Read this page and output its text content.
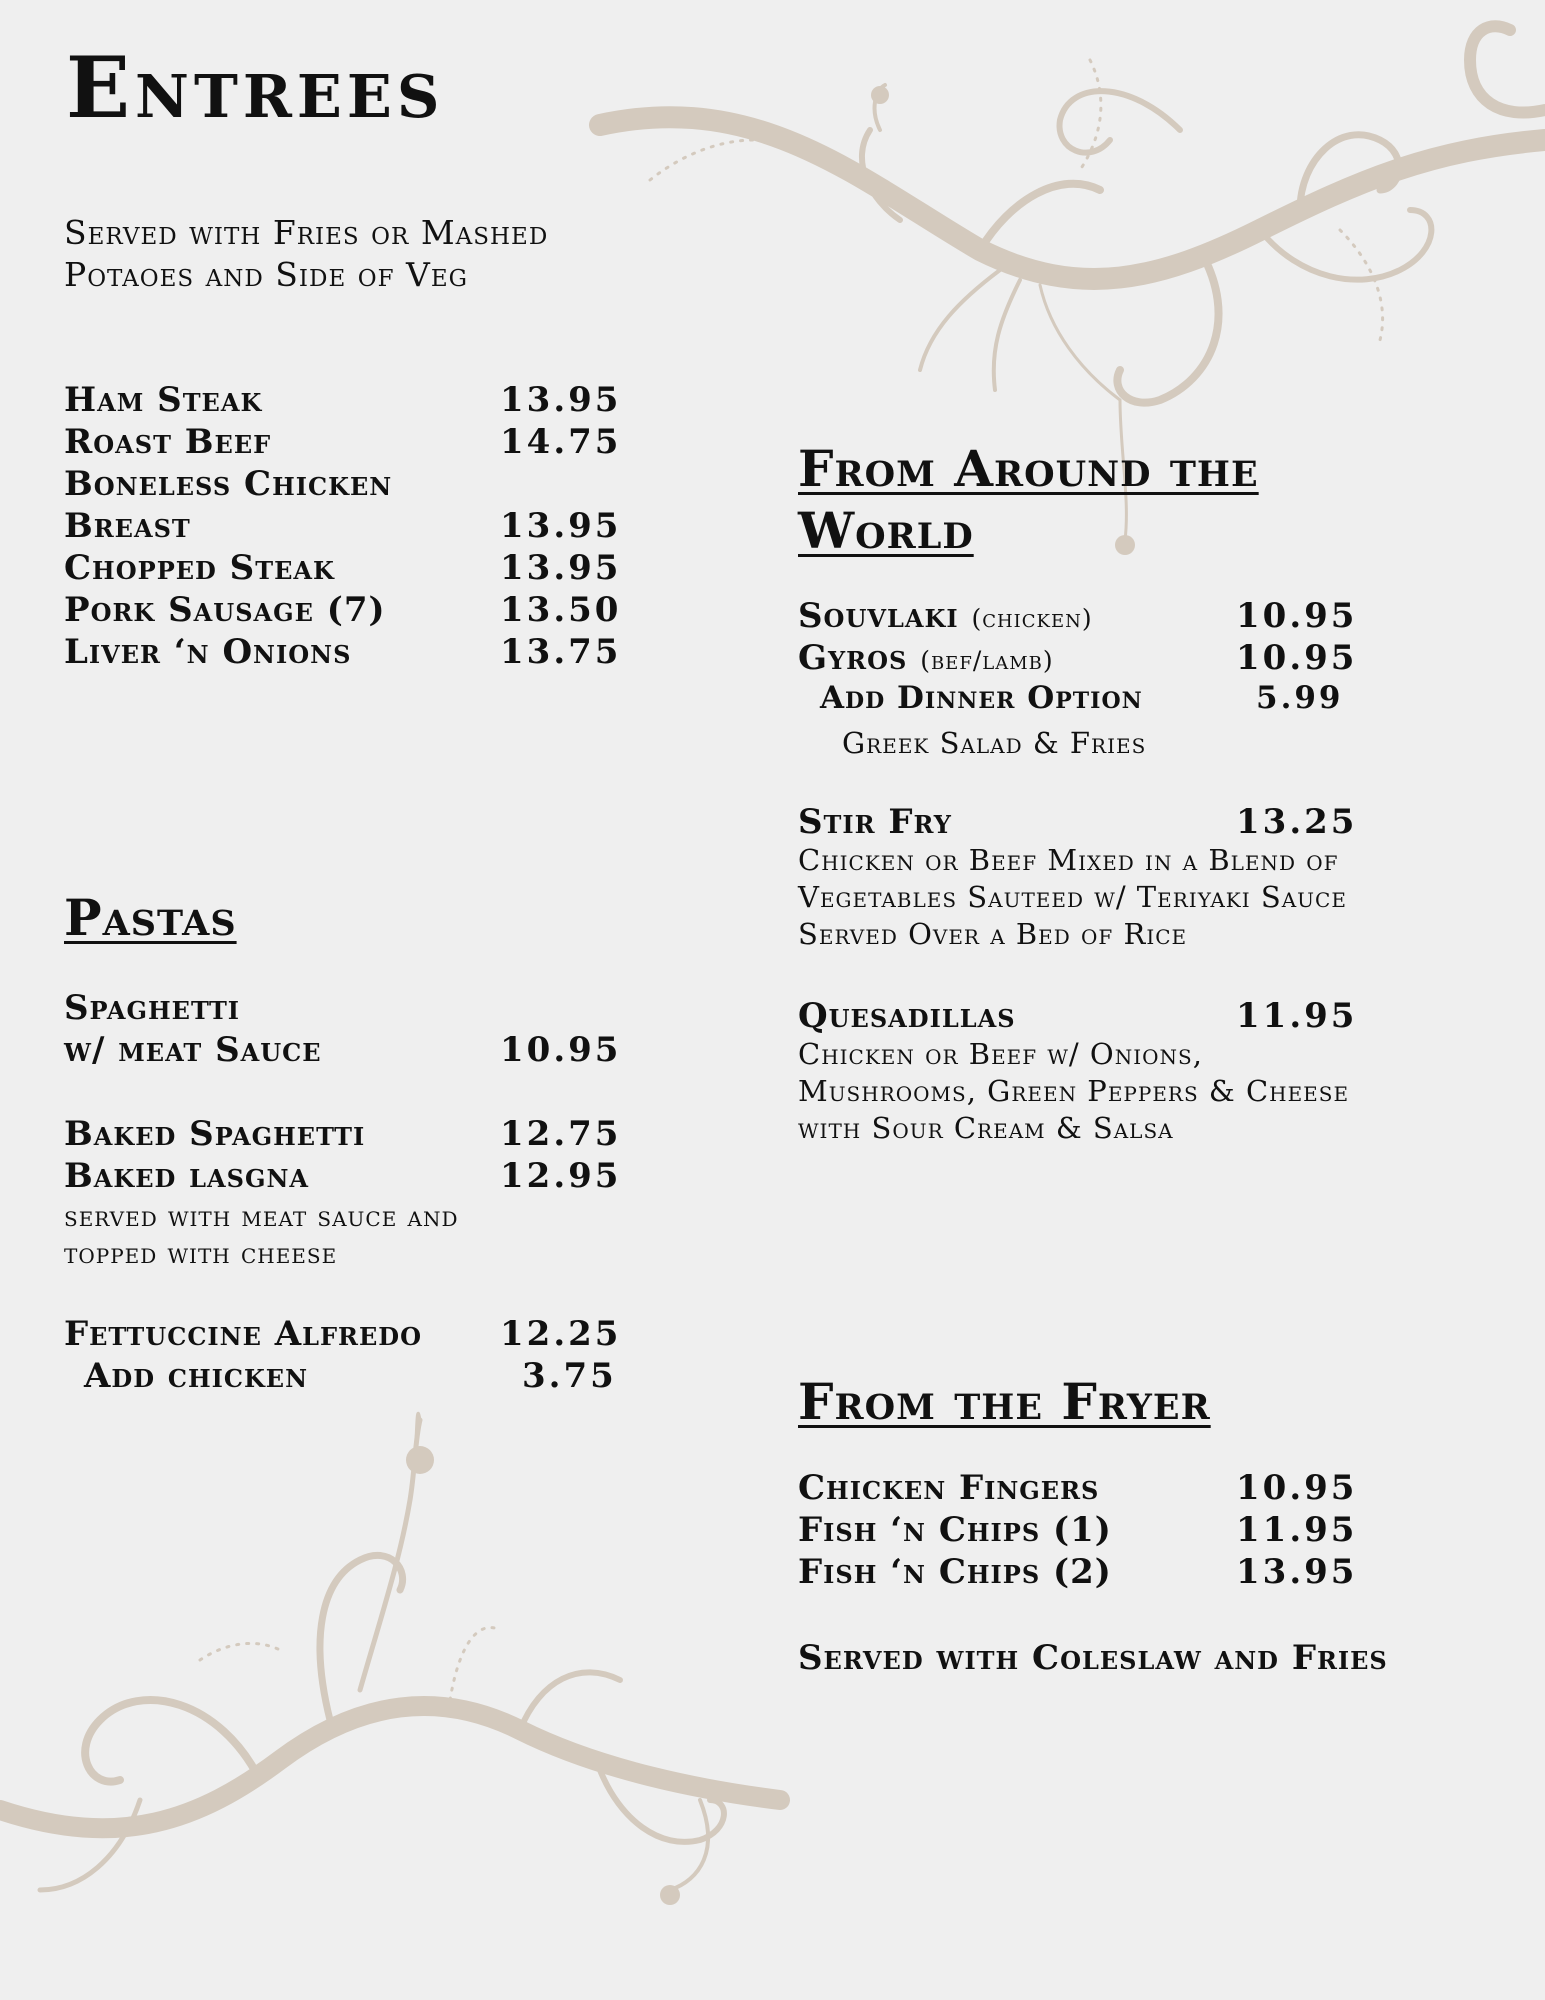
Entrees
Served with Fries or Mashed
Potaoes and Side of Veg
Ham Steak	13.95
Roast Beef	14.75
Boneless Chicken
Breast	13.95
Chopped Steak	13.95
Pork Sausage (7)	13.50
Liver ‘n Onions	13.75
Pastas
Spaghetti
w/ meat Sauce	10.95
Baked Spaghetti	12.75
Baked lasgna	12.95
served with meat sauce and
topped with cheese
Fettuccine Alfredo 12.25
Add chicken	3.75
From Around the
World
Souvlaki (chicken)	10.95
Gyros (bef/lamb)	10.95
Add Dinner Option	5.99
Greek Salad & Fries
Stir Fry	13.25
Chicken or Beef Mixed in a Blend of
Vegetables Sauteed w/ Teriyaki Sauce
Served Over a Bed of Rice
Quesadillas	11.95
Chicken or Beef w/ Onions,
Mushrooms, Green Peppers & Cheese
with Sour Cream & Salsa
From the Fryer
Chicken Fingers	10.95
Fish ‘n Chips (1)	11.95
Fish ‘n Chips (2)	13.95
Served with Coleslaw and Fries
